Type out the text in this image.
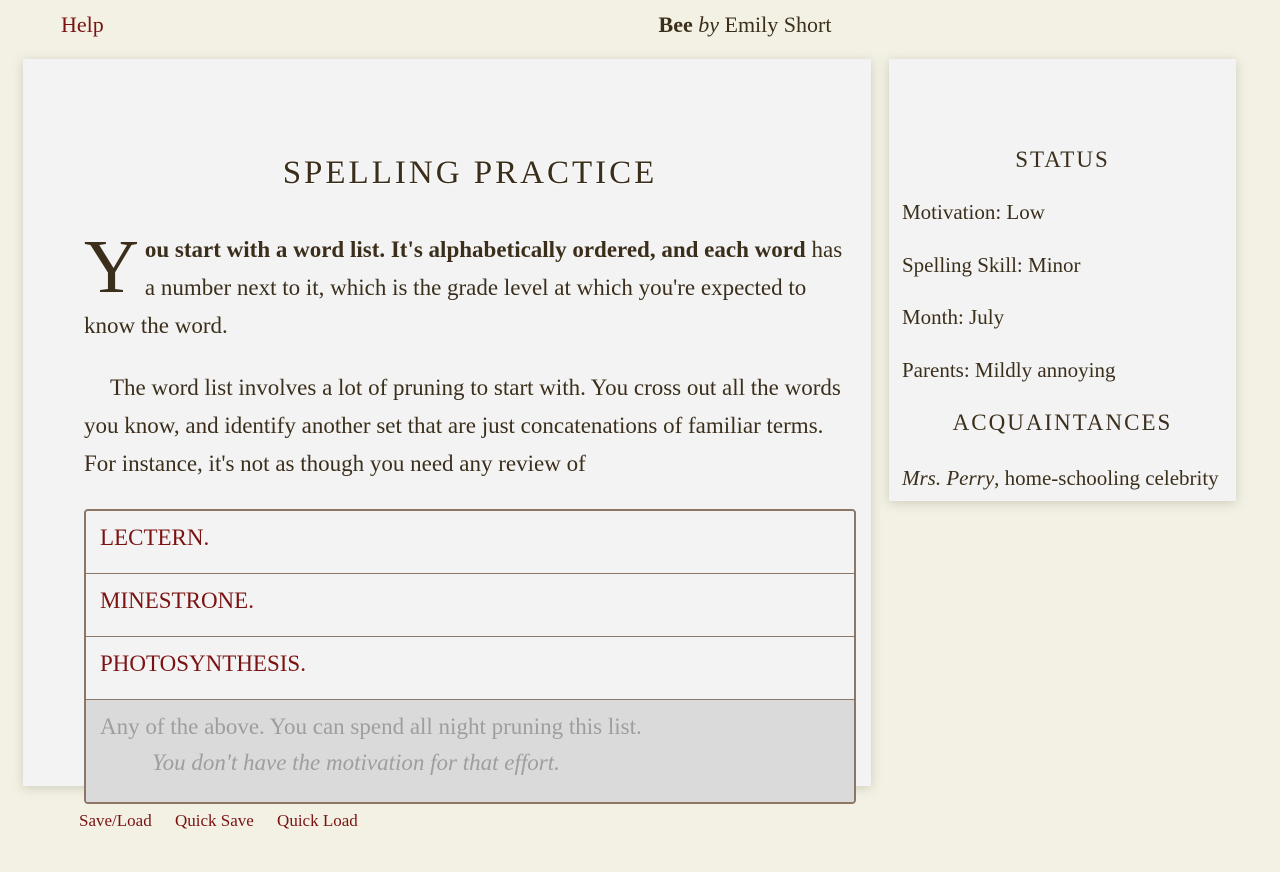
Help	Bee by Emily Short
SPELLING PRACTICE

You start with a word list. It's alphabetically ordered, and each word has a number next to it, which is the grade level at which you're expected to know the word.

The word list involves a lot of pruning to start with. You cross out all the words you know, and identify another set that are just concatenations of familiar terms. For instance, it's not as though you need any review of

LECTERN.
MINESTRONE.
PHOTOSYNTHESIS.
Any of the above. You can spend all night pruning this list.
You don't have the motivation for that effort.
Save/Load Quick Save Quick Load
STATUS
Motivation: Low
Spelling Skill: Minor
Month: July
Parents: Mildly annoying
ACQUAINTANCES
Mrs. Perry, home-schooling celebrity
